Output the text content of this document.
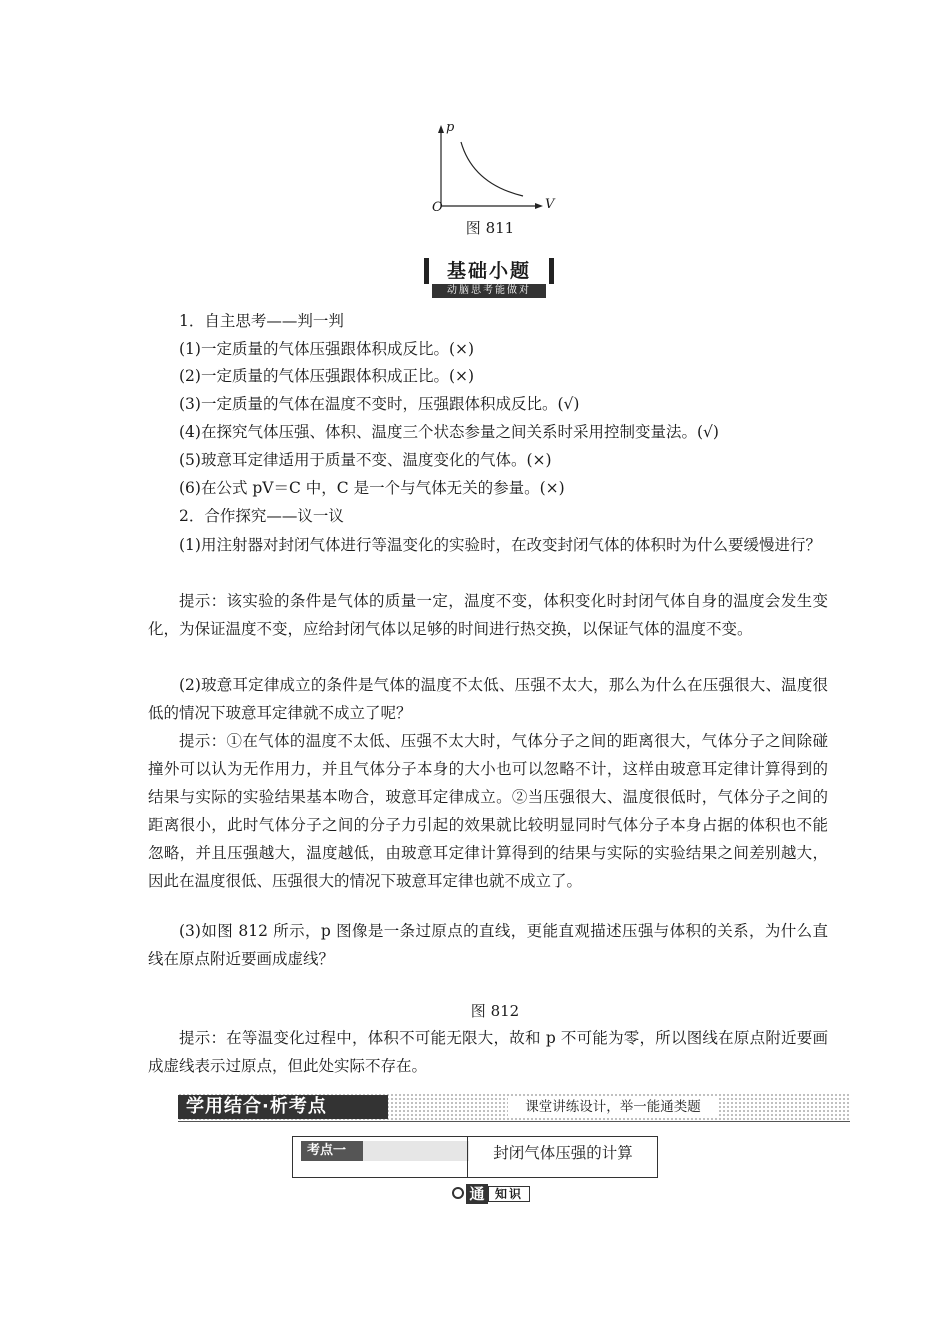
p
V
O
图 811
基础小题
动脑思考能做对
1．自主思考——判一判
(1)一定质量的气体压强跟体积成反比。(×)
(2)一定质量的气体压强跟体积成正比。(×)
(3)一定质量的气体在温度不变时，压强跟体积成反比。(√)
(4)在探究气体压强、体积、温度三个状态参量之间关系时采用控制变量法。(√)
(5)玻意耳定律适用于质量不变、温度变化的气体。(×)
(6)在公式 pV＝C 中，C 是一个与气体无关的参量。(×)
2．合作探究——议一议
(1)用注射器对封闭气体进行等温变化的实验时，在改变封闭气体的体积时为什么要缓慢进行？
提示：该实验的条件是气体的质量一定，温度不变，体积变化时封闭气体自身的温度会发生变化，为保证温度不变，应给封闭气体以足够的时间进行热交换，以保证气体的温度不变。
(2)玻意耳定律成立的条件是气体的温度不太低、压强不太大，那么为什么在压强很大、温度很低的情况下玻意耳定律就不成立了呢？
提示：①在气体的温度不太低、压强不太大时，气体分子之间的距离很大，气体分子之间除碰撞外可以认为无作用力，并且气体分子本身的大小也可以忽略不计，这样由玻意耳定律计算得到的结果与实际的实验结果基本吻合，玻意耳定律成立。②当压强很大、温度很低时，气体分子之间的距离很小，此时气体分子之间的分子力引起的效果就比较明显同时气体分子本身占据的体积也不能忽略，并且压强越大，温度越低，由玻意耳定律计算得到的结果与实际的实验结果之间差别越大，因此在温度很低、压强很大的情况下玻意耳定律也就不成立了。
(3)如图 812 所示，p 图像是一条过原点的直线，更能直观描述压强与体积的关系，为什么直线在原点附近要画成虚线？
图 812
提示：在等温变化过程中，体积不可能无限大，故和 p 不可能为零，所以图线在原点附近要画成虚线表示过原点，但此处实际不存在。
学用结合·析考点	课堂讲练设计，举一能通类题
考点一	封闭气体压强的计算
通 知识
